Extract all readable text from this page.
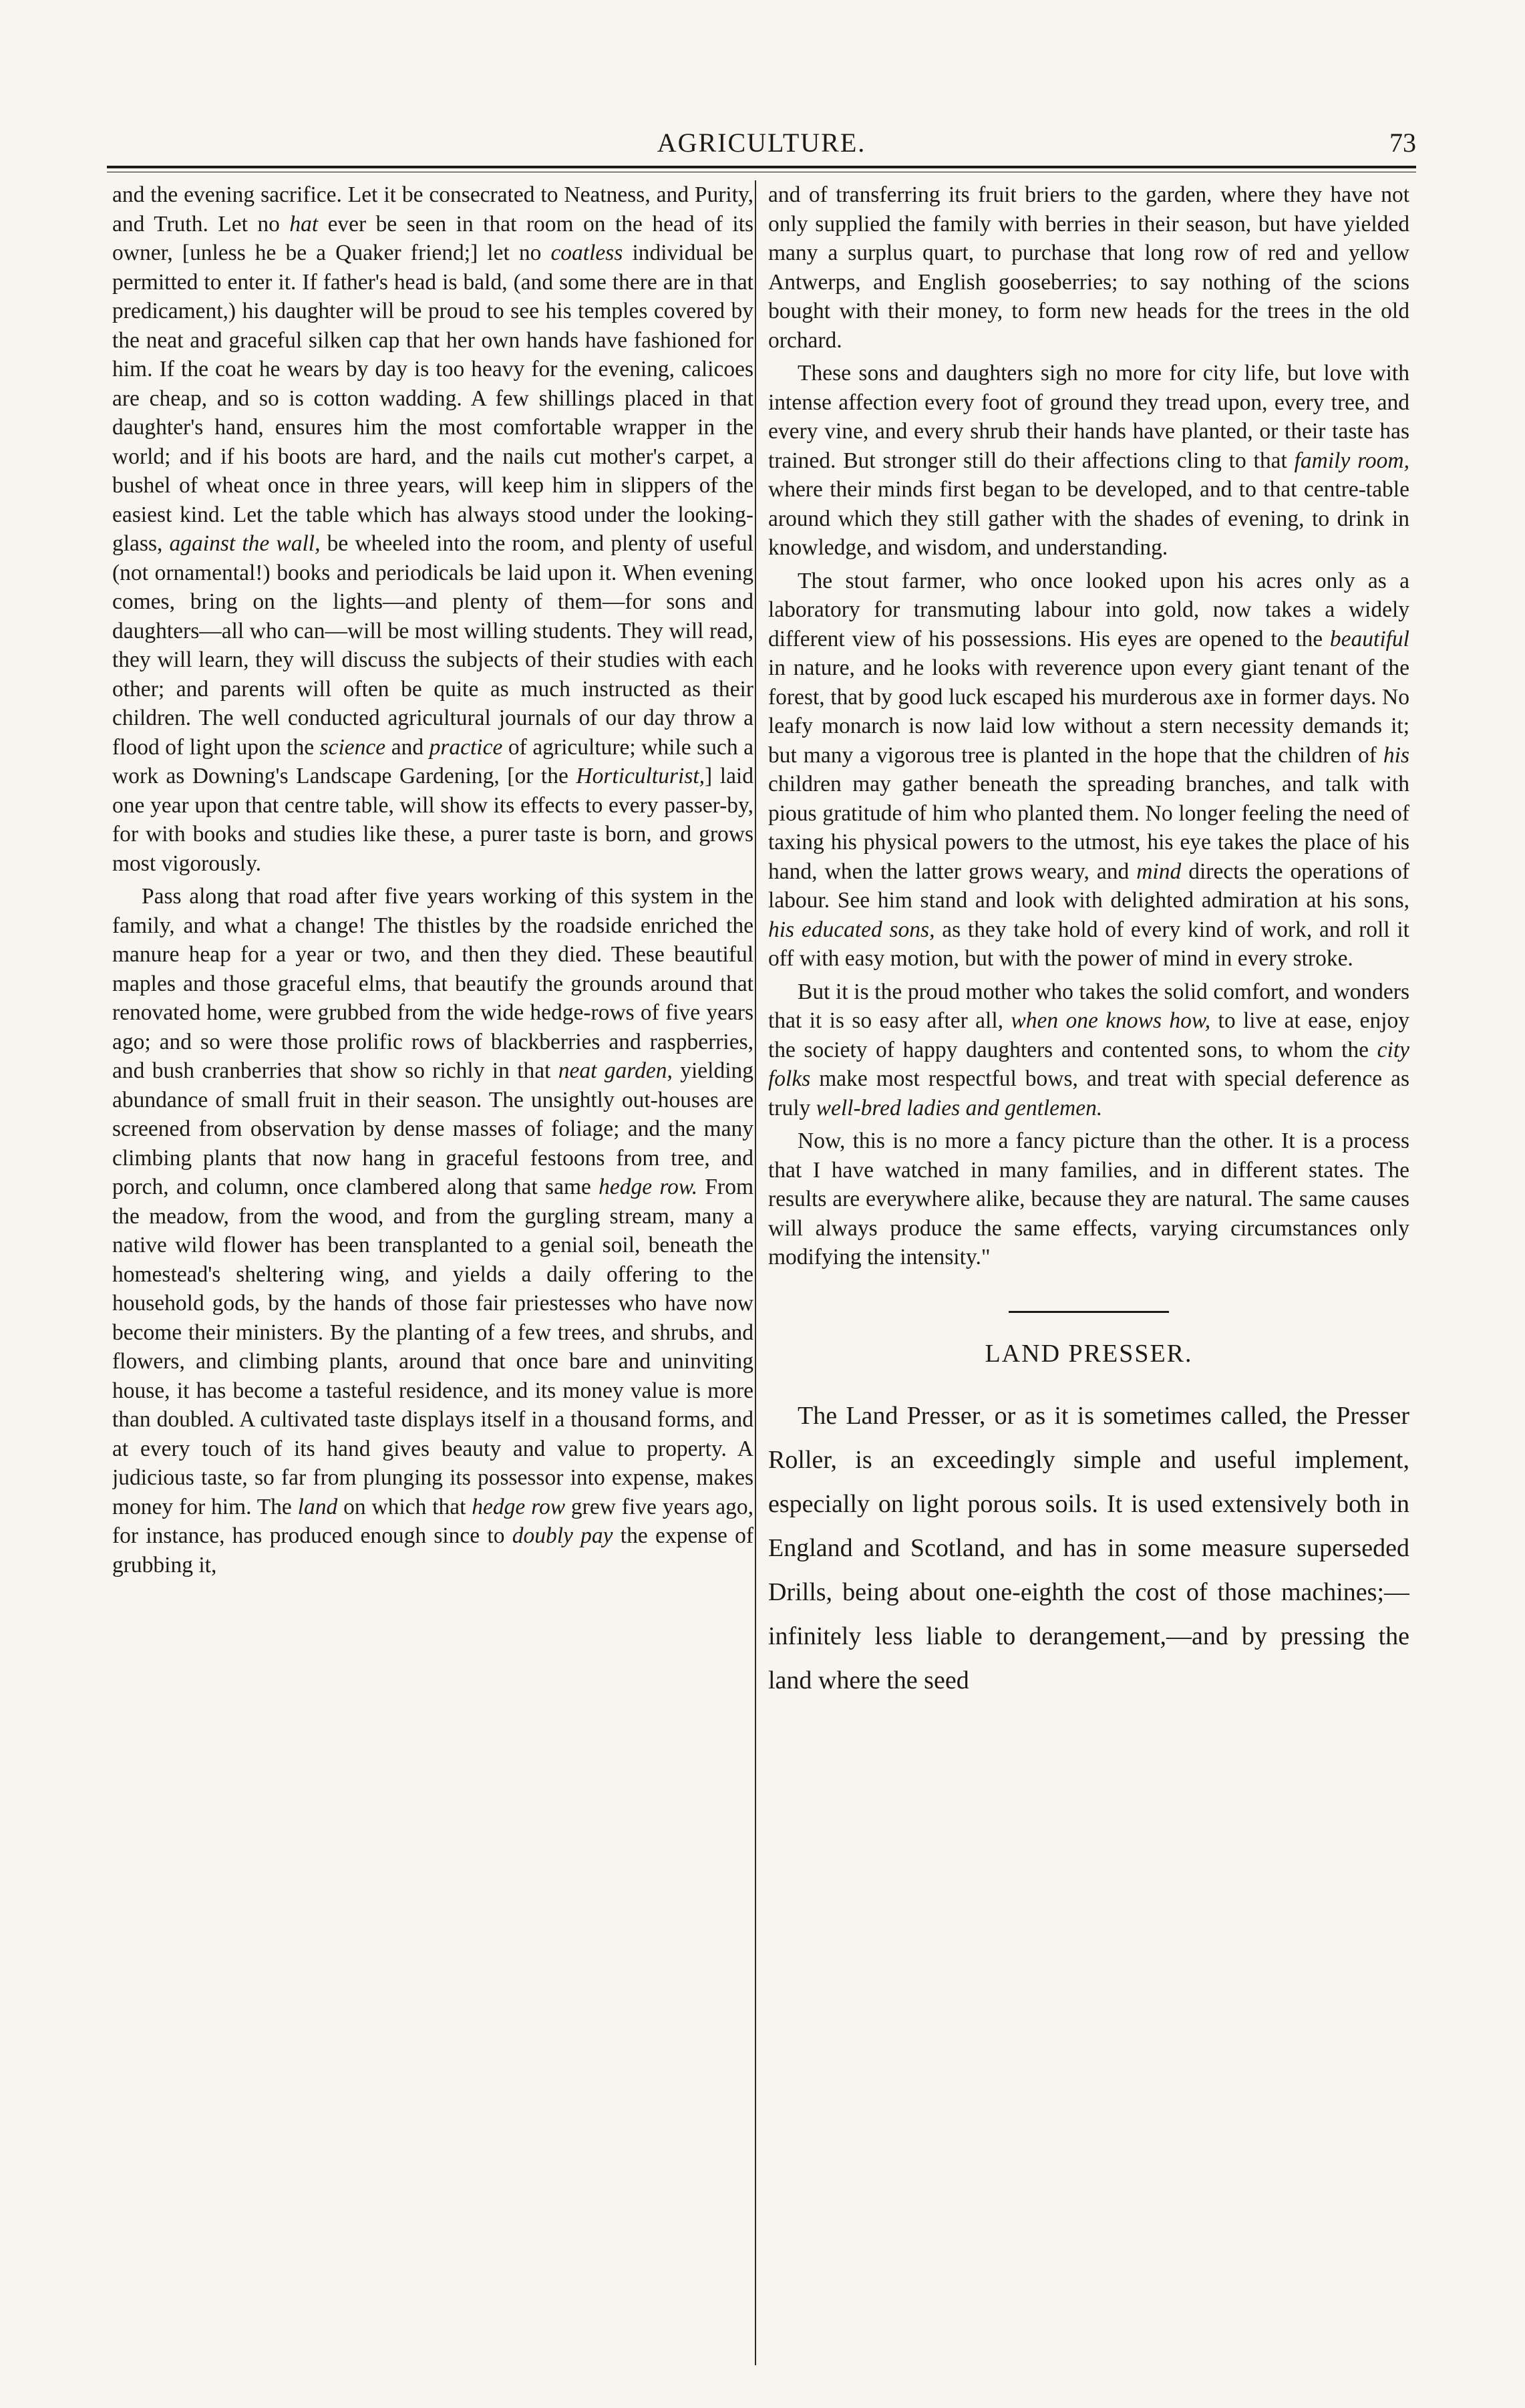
AGRICULTURE.	73

and the evening sacrifice. Let it be consecrated to Neatness, and Purity, and Truth. Let no hat ever be seen in that room on the head of its owner, [unless he be a Quaker friend;] let no coatless individual be permitted to enter it. If father's head is bald, (and some there are in that predicament,) his daughter will be proud to see his temples covered by the neat and graceful silken cap that her own hands have fashioned for him. If the coat he wears by day is too heavy for the evening, calicoes are cheap, and so is cotton wadding. A few shillings placed in that daughter's hand, ensures him the most comfortable wrapper in the world; and if his boots are hard, and the nails cut mother's carpet, a bushel of wheat once in three years, will keep him in slippers of the easiest kind. Let the table which has always stood under the looking-glass, against the wall, be wheeled into the room, and plenty of useful (not ornamental!) books and periodicals be laid upon it. When evening comes, bring on the lights—and plenty of them—for sons and daughters—all who can—will be most willing students. They will read, they will learn, they will discuss the subjects of their studies with each other; and parents will often be quite as much instructed as their children. The well conducted agricultural journals of our day throw a flood of light upon the science and practice of agriculture; while such a work as Downing's Landscape Gardening, [or the Horticulturist,] laid one year upon that centre table, will show its effects to every passer-by, for with books and studies like these, a purer taste is born, and grows most vigorously.

Pass along that road after five years working of this system in the family, and what a change! The thistles by the roadside enriched the manure heap for a year or two, and then they died. These beautiful maples and those graceful elms, that beautify the grounds around that renovated home, were grubbed from the wide hedge-rows of five years ago; and so were those prolific rows of blackberries and raspberries, and bush cranberries that show so richly in that neat garden, yielding abundance of small fruit in their season. The unsightly out-houses are screened from observation by dense masses of foliage; and the many climbing plants that now hang in graceful festoons from tree, and porch, and column, once clambered along that same hedge row. From the meadow, from the wood, and from the gurgling stream, many a native wild flower has been transplanted to a genial soil, beneath the homestead's sheltering wing, and yields a daily offering to the household gods, by the hands of those fair priestesses who have now become their ministers. By the planting of a few trees, and shrubs, and flowers, and climbing plants, around that once bare and uninviting house, it has become a tasteful residence, and its money value is more than doubled. A cultivated taste displays itself in a thousand forms, and at every touch of its hand gives beauty and value to property. A judicious taste, so far from plunging its possessor into expense, makes money for him. The land on which that hedge row grew five years ago, for instance, has produced enough since to doubly pay the expense of grubbing it,

and of transferring its fruit briers to the garden, where they have not only supplied the family with berries in their season, but have yielded many a surplus quart, to purchase that long row of red and yellow Antwerps, and English gooseberries; to say nothing of the scions bought with their money, to form new heads for the trees in the old orchard.

These sons and daughters sigh no more for city life, but love with intense affection every foot of ground they tread upon, every tree, and every vine, and every shrub their hands have planted, or their taste has trained. But stronger still do their affections cling to that family room, where their minds first began to be developed, and to that centre-table around which they still gather with the shades of evening, to drink in knowledge, and wisdom, and understanding.

The stout farmer, who once looked upon his acres only as a laboratory for transmuting labour into gold, now takes a widely different view of his possessions. His eyes are opened to the beautiful in nature, and he looks with reverence upon every giant tenant of the forest, that by good luck escaped his murderous axe in former days. No leafy monarch is now laid low without a stern necessity demands it; but many a vigorous tree is planted in the hope that the children of his children may gather beneath the spreading branches, and talk with pious gratitude of him who planted them. No longer feeling the need of taxing his physical powers to the utmost, his eye takes the place of his hand, when the latter grows weary, and mind directs the operations of labour. See him stand and look with delighted admiration at his sons, his educated sons, as they take hold of every kind of work, and roll it off with easy motion, but with the power of mind in every stroke.

But it is the proud mother who takes the solid comfort, and wonders that it is so easy after all, when one knows how, to live at ease, enjoy the society of happy daughters and contented sons, to whom the city folks make most respectful bows, and treat with special deference as truly well-bred ladies and gentlemen.

Now, this is no more a fancy picture than the other. It is a process that I have watched in many families, and in different states. The results are everywhere alike, because they are natural. The same causes will always produce the same effects, varying circumstances only modifying the intensity."

LAND PRESSER.

The Land Presser, or as it is sometimes called, the Presser Roller, is an exceedingly simple and useful implement, especially on light porous soils. It is used extensively both in England and Scotland, and has in some measure superseded Drills, being about one-eighth the cost of those machines;—infinitely less liable to derangement,—and by pressing the land where the seed
